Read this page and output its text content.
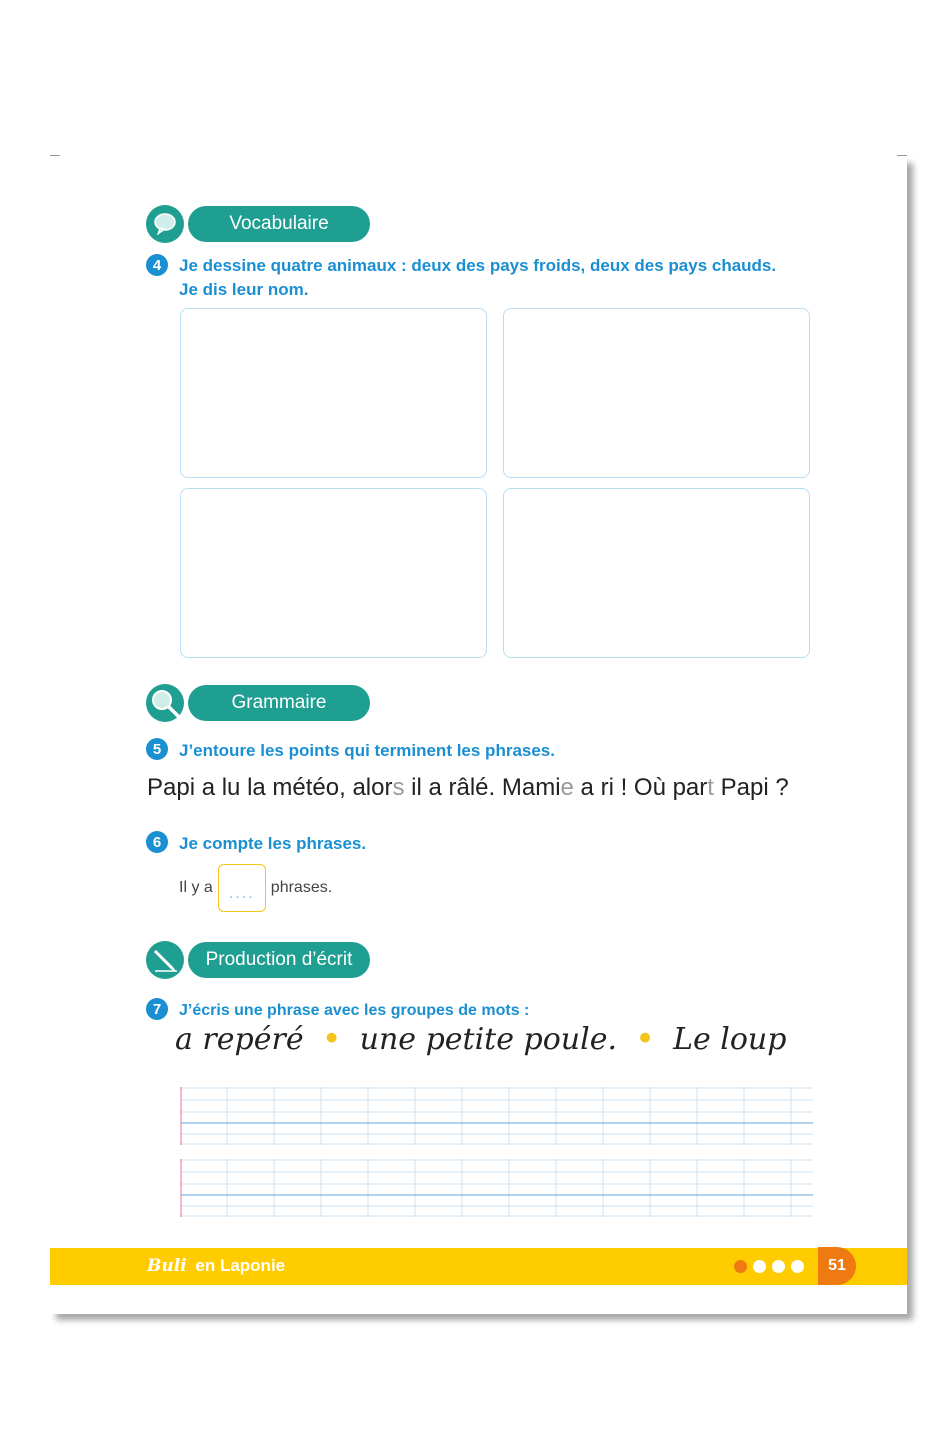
Vocabulaire
4	Je dessine quatre animaux : deux des pays froids, deux des pays chauds.
Je dis leur nom.
Grammaire
5	J’entoure les points qui terminent les phrases.
Papi a lu la météo, alors il a râlé. Mamie a ri ! Où part Papi ?
6	Je compte les phrases.
Il y a .... phrases.
Production d’écrit
7	J’écris une phrase avec les groupes de mots :
a repéré • une petite poule. • Le loup
Buli en Laponie	51
